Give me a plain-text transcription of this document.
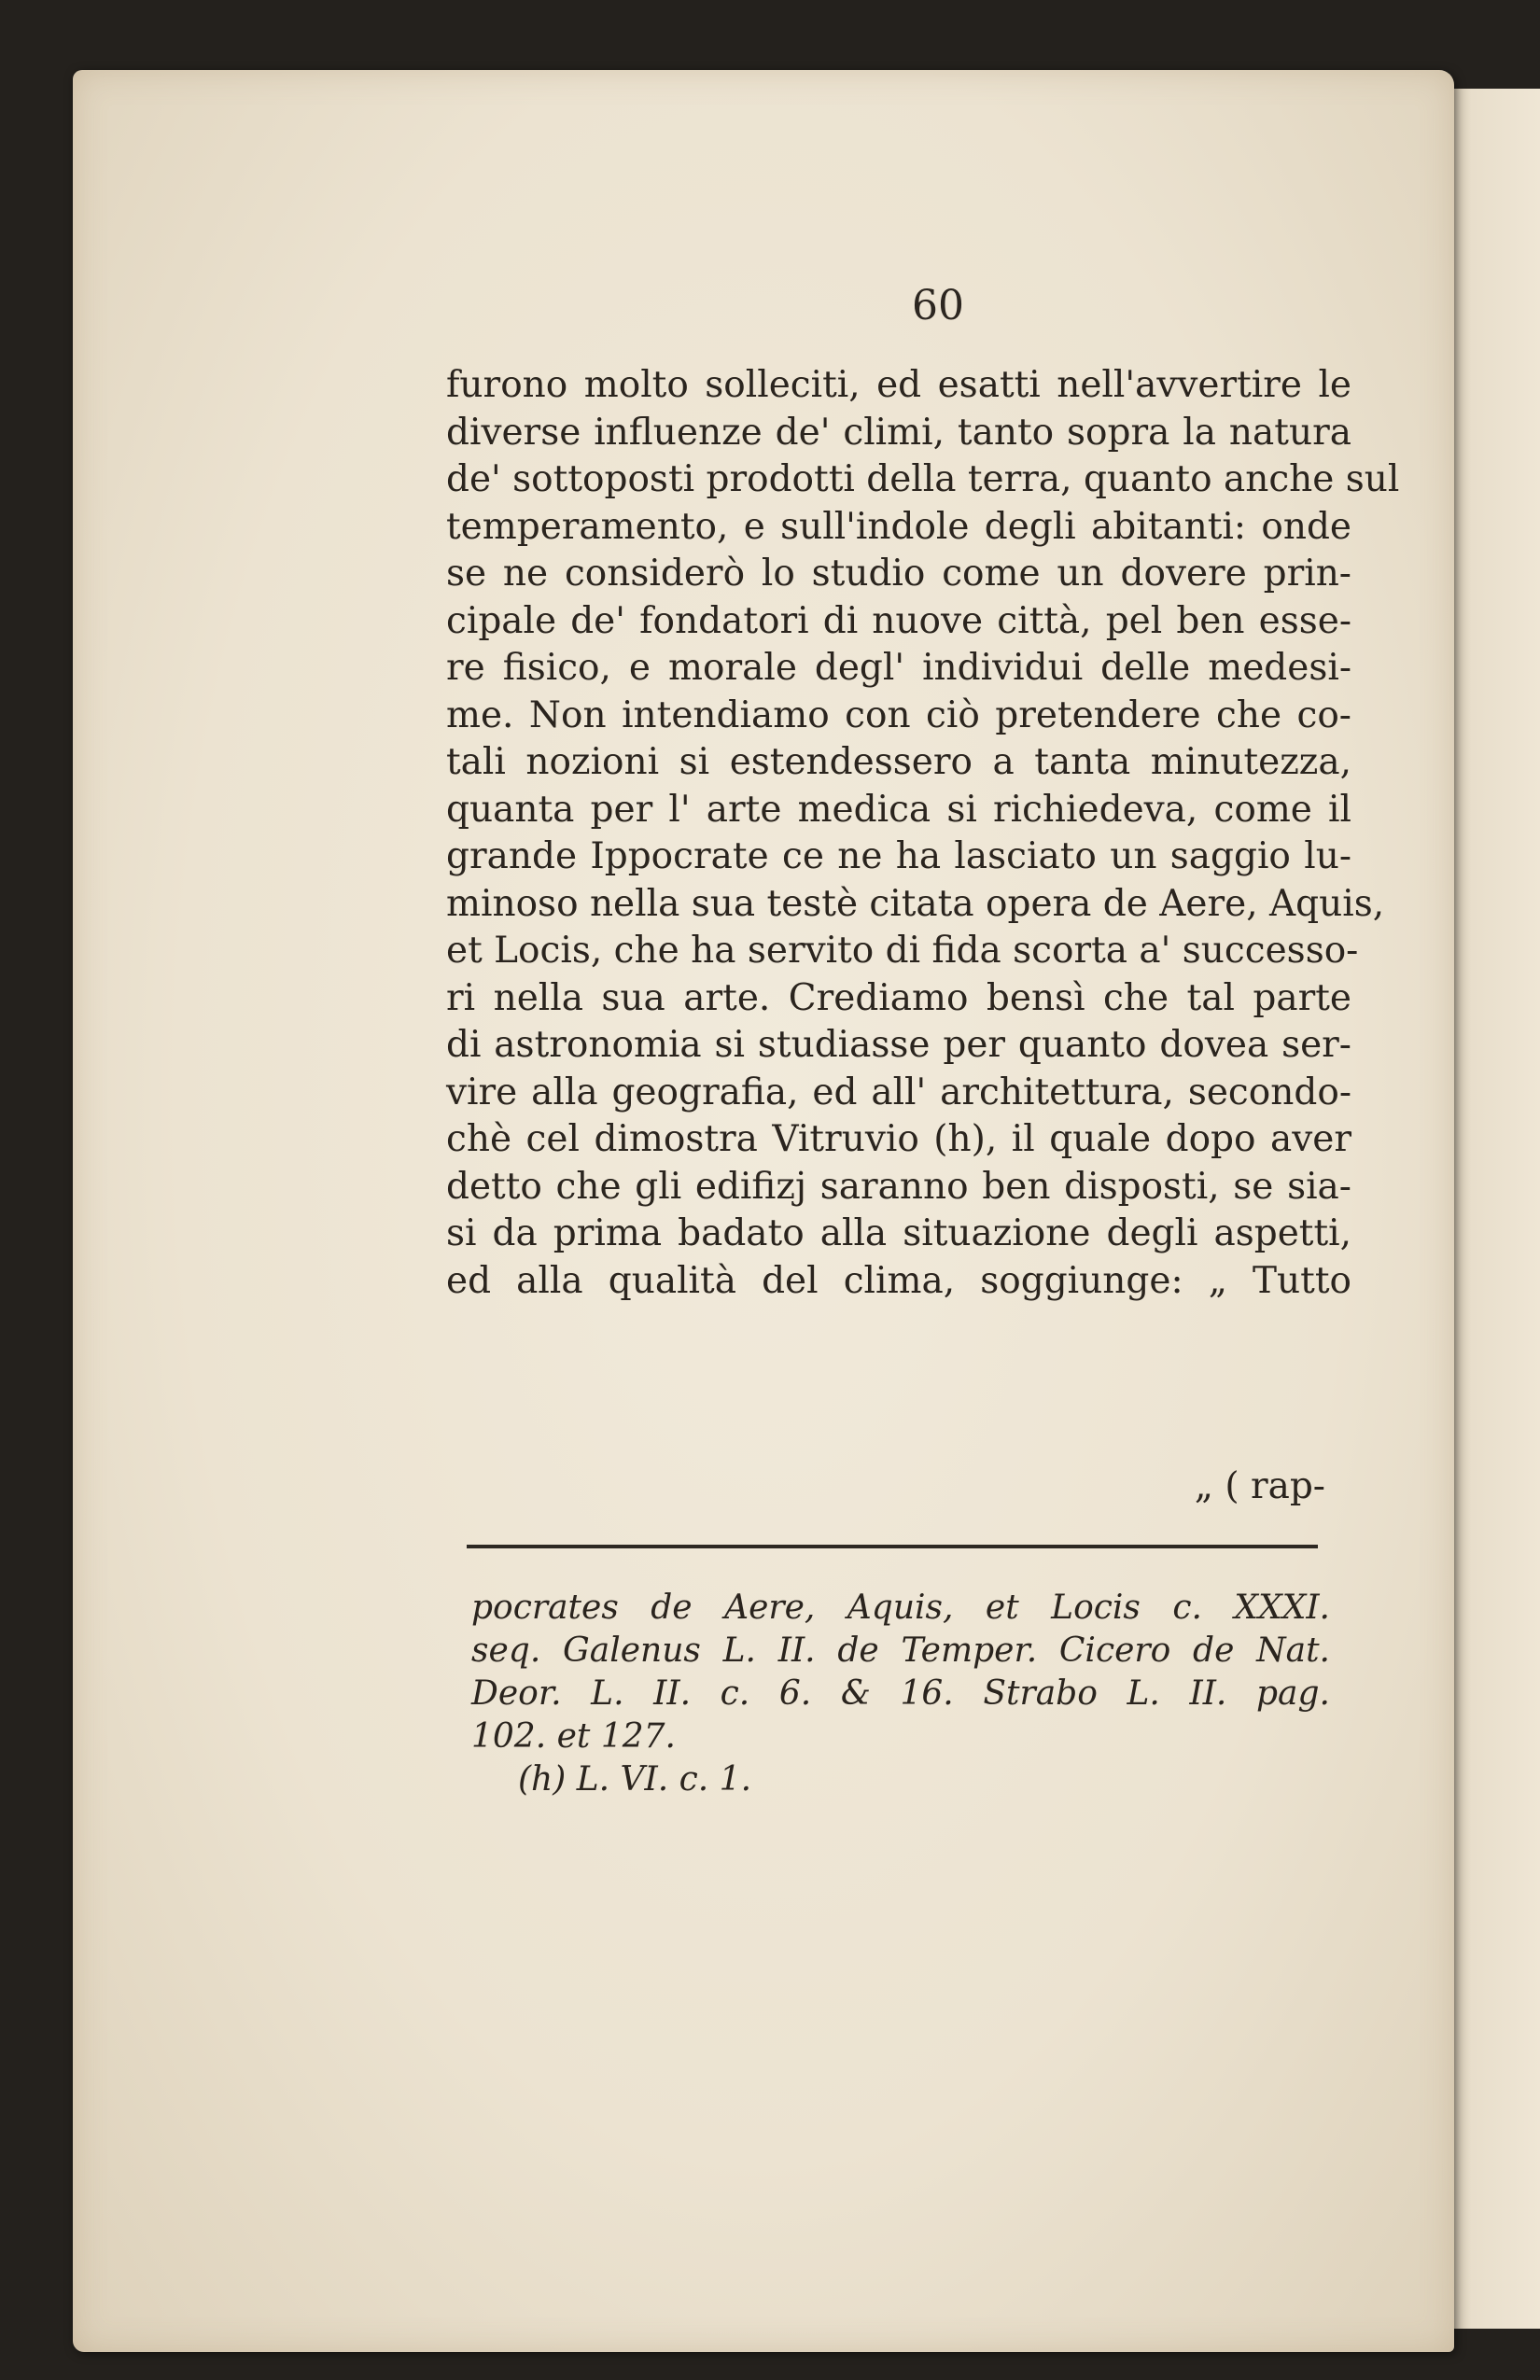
60
furono molto solleciti, ed esatti nell'avvertire le
diverse influenze de' climi, tanto sopra la natura
de' sottoposti prodotti della terra, quanto anche sul
temperamento, e sull'indole degli abitanti: onde
se ne considerò lo studio come un dovere prin-
cipale de' fondatori di nuove città, pel ben esse-
re fisico, e morale degl' individui delle medesi-
me. Non intendiamo con ciò pretendere che co-
tali nozioni si estendessero a tanta minutezza,
quanta per l' arte medica si richiedeva, come il
grande Ippocrate ce ne ha lasciato un saggio lu-
minoso nella sua testè citata opera de Aere, Aquis,
et Locis, che ha servito di fida scorta a' successo-
ri nella sua arte. Crediamo bensì che tal parte
di astronomia si studiasse per quanto dovea ser-
vire alla geografia, ed all' architettura, secondo-
chè cel dimostra Vitruvio (h), il quale dopo aver
detto che gli edifizj saranno ben disposti, se sia-
si da prima badato alla situazione degli aspetti,
ed alla qualità del clima, soggiunge: „ Tutto
„ ( rap-
pocrates de Aere, Aquis, et Locis c. XXXI.
seq. Galenus L. II. de Temper. Cicero de Nat.
Deor. L. II. c. 6. & 16. Strabo L. II. pag.
102. et 127.
(h) L. VI. c. 1.
